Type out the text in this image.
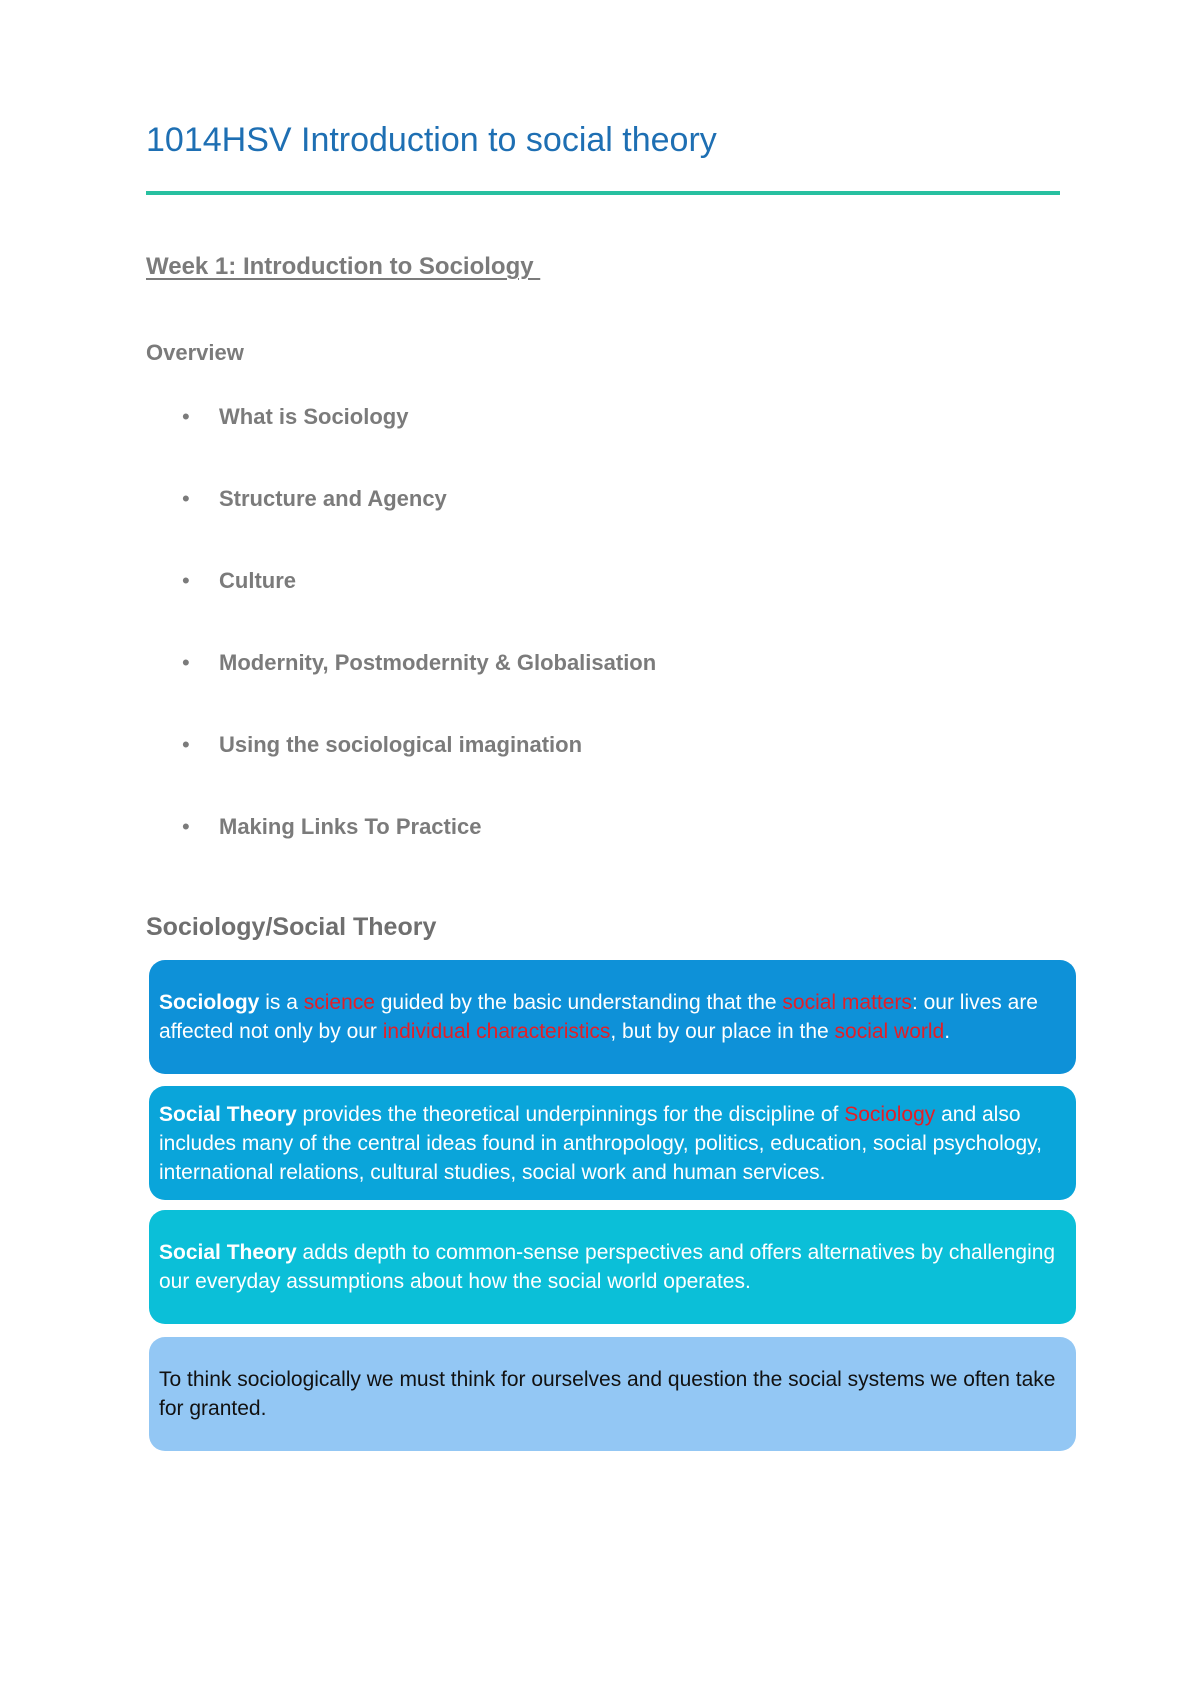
1014HSV Introduction to social theory
Week 1: Introduction to Sociology
Overview
• What is Sociology
• Structure and Agency
• Culture
• Modernity, Postmodernity & Globalisation
• Using the sociological imagination
• Making Links To Practice
Sociology/Social Theory

Sociology is a science guided by the basic understanding that the social matters: our lives are affected not only by our individual characteristics, but by our place in the social world.

Social Theory provides the theoretical underpinnings for the discipline of Sociology and also includes many of the central ideas found in anthropology, politics, education, social psychology, international relations, cultural studies, social work and human services.

Social Theory adds depth to common-sense perspectives and offers alternatives by challenging our everyday assumptions about how the social world operates.

To think sociologically we must think for ourselves and question the social systems we often take for granted.
